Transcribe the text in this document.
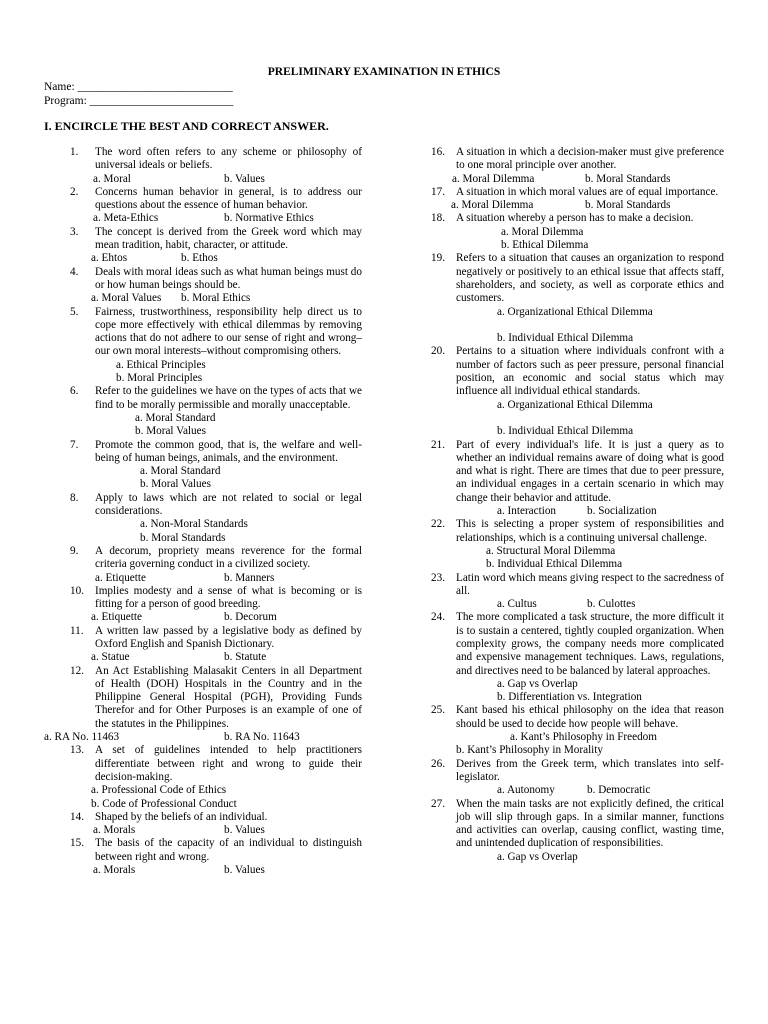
PRELIMINARY EXAMINATION IN ETHICS
Name: ___________________________
Program: _________________________
I. ENCIRCLE THE BEST AND CORRECT ANSWER.
1. The word often refers to any scheme or philosophy of universal ideals or beliefs.
a. Moral	b. Values
2. Concerns human behavior in general, is to address our questions about the essence of human behavior.
a. Meta-Ethics	b. Normative Ethics
3. The concept is derived from the Greek word which may mean tradition, habit, character, or attitude.
a. Ehtos	b. Ethos
4. Deals with moral ideas such as what human beings must do or how human beings should be.
a. Moral Values	b. Moral Ethics
5. Fairness, trustworthiness, responsibility help direct us to cope more effectively with ethical dilemmas by removing actions that do not adhere to our sense of right and wrong–our own moral interests–without compromising others.
a. Ethical Principles
b. Moral Principles
6. Refer to the guidelines we have on the types of acts that we find to be morally permissible and morally unacceptable.
a. Moral Standard
b. Moral Values
7. Promote the common good, that is, the welfare and well-being of human beings, animals, and the environment.
a. Moral Standard
b. Moral Values
8. Apply to laws which are not related to social or legal considerations.
a. Non-Moral Standards
b. Moral Standards
9. A decorum, propriety means reverence for the formal criteria governing conduct in a civilized society.
a. Etiquette	b. Manners
10. Implies modesty and a sense of what is becoming or is fitting for a person of good breeding.
a. Etiquette	b. Decorum
11. A written law passed by a legislative body as defined by Oxford English and Spanish Dictionary.
a. Statue	b. Statute
12. An Act Establishing Malasakit Centers in all Department of Health (DOH) Hospitals in the Country and in the Philippine General Hospital (PGH), Providing Funds Therefor and for Other Purposes is an example of one of the statutes in the Philippines.
a. RA No. 11463	b. RA No. 11643
13. A set of guidelines intended to help practitioners differentiate between right and wrong to guide their decision-making.
a. Professional Code of Ethics
b. Code of Professional Conduct
14. Shaped by the beliefs of an individual.
a. Morals	b. Values
15. The basis of the capacity of an individual to distinguish between right and wrong.
a. Morals	b. Values
16. A situation in which a decision-maker must give preference to one moral principle over another.
a. Moral Dilemma	b. Moral Standards
17. A situation in which moral values are of equal importance.
a. Moral Dilemma	b. Moral Standards
18. A situation whereby a person has to make a decision.
a. Moral Dilemma
b. Ethical Dilemma
19. Refers to a situation that causes an organization to respond negatively or positively to an ethical issue that affects staff, shareholders, and society, as well as corporate ethics and customers.
a. Organizational Ethical Dilemma
b. Individual Ethical Dilemma
20. Pertains to a situation where individuals confront with a number of factors such as peer pressure, personal financial position, an economic and social status which may influence all individual ethical standards.
a. Organizational Ethical Dilemma
b. Individual Ethical Dilemma
21. Part of every individual's life. It is just a query as to whether an individual remains aware of doing what is good and what is right. There are times that due to peer pressure, an individual engages in a certain scenario in which may change their behavior and attitude.
a. Interaction	b. Socialization
22. This is selecting a proper system of responsibilities and relationships, which is a continuing universal challenge.
a. Structural Moral Dilemma
b. Individual Ethical Dilemma
23. Latin word which means giving respect to the sacredness of all.
a. Cultus	b. Culottes
24. The more complicated a task structure, the more difficult it is to sustain a centered, tightly coupled organization. When complexity grows, the company needs more complicated and expensive management techniques. Laws, regulations, and directives need to be balanced by lateral approaches.
a. Gap vs Overlap
b. Differentiation vs. Integration
25. Kant based his ethical philosophy on the idea that reason should be used to decide how people will behave.
a. Kant’s Philosophy in Freedom
b. Kant’s Philosophy in Morality
26. Derives from the Greek term, which translates into self-legislator.
a. Autonomy	b. Democratic
27. When the main tasks are not explicitly defined, the critical job will slip through gaps. In a similar manner, functions and activities can overlap, causing conflict, wasting time, and unintended duplication of responsibilities.
a. Gap vs Overlap
